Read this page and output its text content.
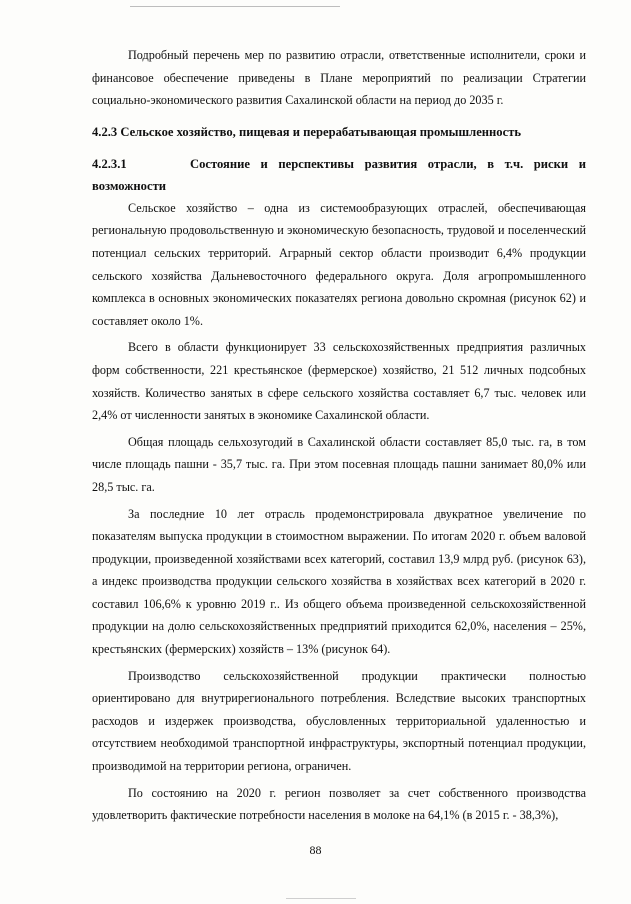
Подробный перечень мер по развитию отрасли, ответственные исполнители, сроки и финансовое обеспечение приведены в Плане мероприятий по реализации Стратегии социально-экономического развития Сахалинской области на период до 2035 г.

4.2.3 Сельское хозяйство, пищевая и перерабатывающая промышленность

4.2.3.1	Состояние и перспективы развития отрасли, в т.ч. риски и

возможности

Сельское хозяйство – одна из системообразующих отраслей, обеспечивающая региональную продовольственную и экономическую безопасность, трудовой и поселенческий потенциал сельских территорий. Аграрный сектор области производит 6,4% продукции сельского хозяйства Дальневосточного федерального округа. Доля агропромышленного комплекса в основных экономических показателях региона довольно скромная (рисунок 62) и составляет около 1%.

Всего в области функционирует 33 сельскохозяйственных предприятия различных форм собственности, 221 крестьянское (фермерское) хозяйство, 21 512 личных подсобных хозяйств. Количество занятых в сфере сельского хозяйства составляет 6,7 тыс. человек или 2,4% от численности занятых в экономике Сахалинской области.

Общая площадь сельхозугодий в Сахалинской области составляет 85,0 тыс. га, в том числе площадь пашни - 35,7 тыс. га. При этом посевная площадь пашни занимает 80,0% или 28,5 тыс. га.

За последние 10 лет отрасль продемонстрировала двукратное увеличение по показателям выпуска продукции в стоимостном выражении. По итогам 2020 г. объем валовой продукции, произведенной хозяйствами всех категорий, составил 13,9 млрд руб. (рисунок 63), а индекс производства продукции сельского хозяйства в хозяйствах всех категорий в 2020 г. составил 106,6% к уровню 2019 г.. Из общего объема произведенной сельскохозяйственной продукции на долю сельскохозяйственных предприятий приходится 62,0%, населения – 25%, крестьянских (фермерских) хозяйств – 13% (рисунок 64).

Производство сельскохозяйственной продукции практически полностью ориентировано для внутрирегионального потребления. Вследствие высоких транспортных расходов и издержек производства, обусловленных территориальной удаленностью и отсутствием необходимой транспортной инфраструктуры, экспортный потенциал продукции, производимой на территории региона, ограничен.

По состоянию на 2020 г. регион позволяет за счет собственного производства удовлетворить фактические потребности населения в молоке на 64,1% (в 2015 г. - 38,3%),

88
